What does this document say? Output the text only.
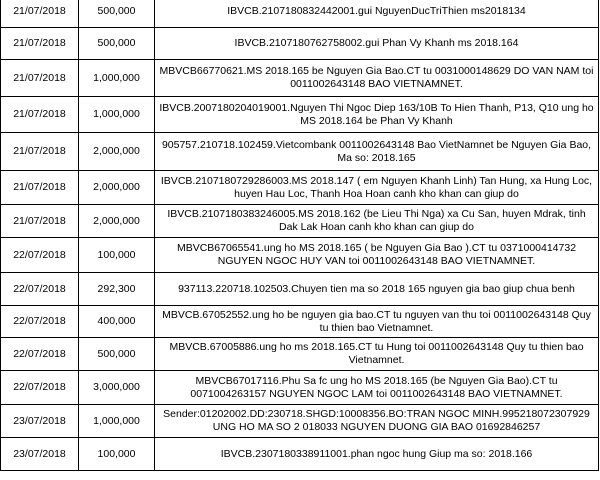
21/07/2018	500,000	IBVCB.2107180832442001.gui NguyenDucTriThien ms2018134
21/07/2018	500,000	IBVCB.2107180762758002.gui Phan Vy Khanh ms 2018.164
21/07/2018	1,000,000	MBVCB66770621.MS 2018.165 be Nguyen Gia Bao.CT tu 0031000148629 DO VAN NAM toi 0011002643148 BAO VIETNAMNET.
21/07/2018	1,000,000	IBVCB.2007180204019001.Nguyen Thi Ngoc Diep 163/10B To Hien Thanh, P13, Q10 ung ho MS 2018.164 be Phan Vy Khanh
21/07/2018	2,000,000	905757.210718.102459.Vietcombank 0011002643148 Bao VietNamnet be Nguyen Gia Bao, Ma so: 2018.165
21/07/2018	2,000,000	IBVCB.2107180729286003.MS 2018.147 ( em Nguyen Khanh Linh) Tan Hung, xa Hung Loc, huyen Hau Loc, Thanh Hoa Hoan canh kho khan can giup do
21/07/2018	2,000,000	IBVCB.2107180383246005.MS 2018.162 (be Lieu Thi Nga) xa Cu San, huyen Mdrak, tinh Dak Lak Hoan canh kho khan can giup do
22/07/2018	100,000	MBVCB67065541.ung ho MS 2018.165 ( be Nguyen Gia Bao ).CT tu 0371000414732 NGUYEN NGOC HUY VAN toi 0011002643148 BAO VIETNAMNET.
22/07/2018	292,300	937113.220718.102503.Chuyen tien ma so 2018 165 nguyen gia bao giup chua benh
22/07/2018	400,000	MBVCB.67052552.ung ho be nguyen gia bao.CT tu nguyen van thu toi 0011002643148 Quy tu thien bao Vietnamnet.
22/07/2018	500,000	MBVCB.67005886.ung ho ms 2018.165.CT tu Hung toi 0011002643148 Quy tu thien bao Vietnamnet.
22/07/2018	3,000,000	MBVCB67017116.Phu Sa fc ung ho MS 2018.165 (be Nguyen Gia Bao).CT tu 0071004263157 NGUYEN NGOC LAM toi 0011002643148 BAO VIETNAMNET.
23/07/2018	1,000,000	Sender:01202002.DD:230718.SHGD:10008356.BO:TRAN NGOC MINH.995218072307929 UNG HO MA SO 2 018033 NGUYEN DUONG GIA BAO 01692846257
23/07/2018	100,000	IBVCB.2307180338911001.phan ngoc hung Giup ma so: 2018.166
